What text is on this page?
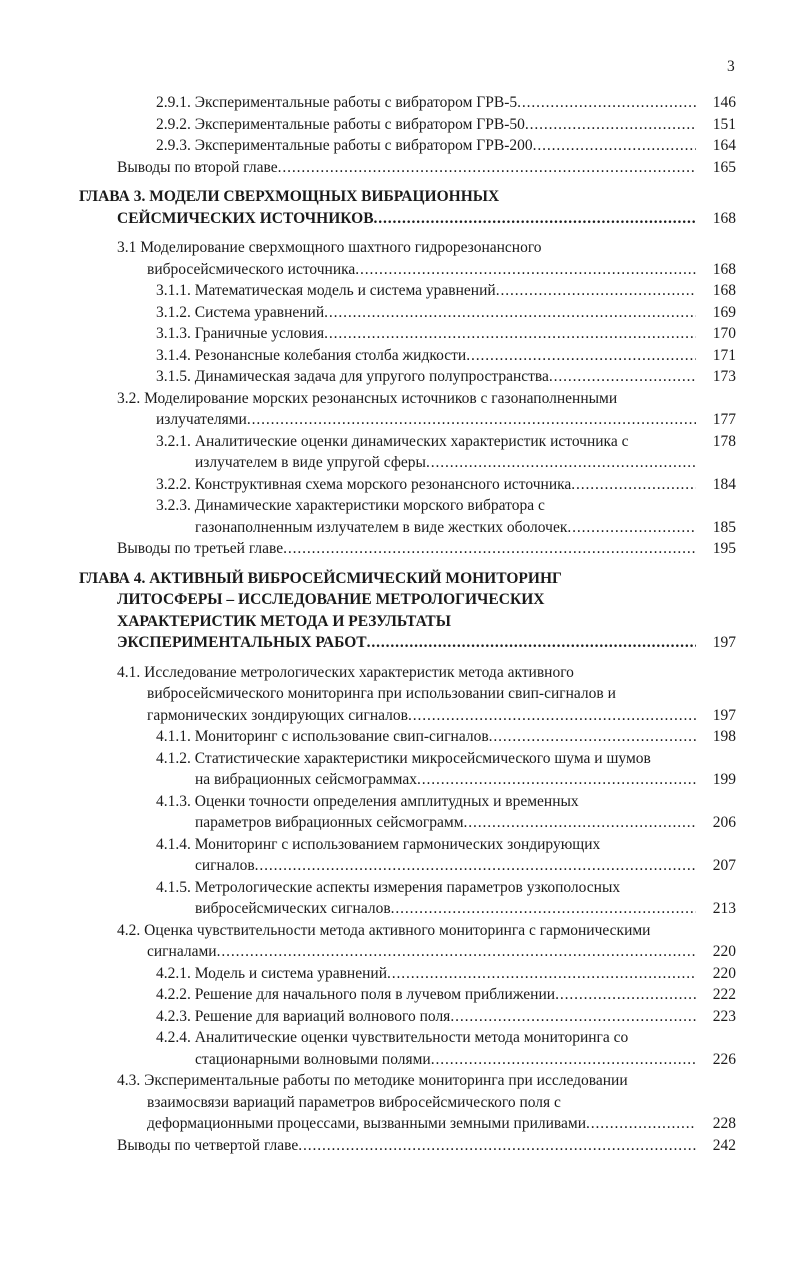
3
2.9.1. Экспериментальные работы с вибратором ГРВ-5 . . .	146
2.9.2. Экспериментальные работы с вибратором ГРВ-50 . . .	151
2.9.3. Экспериментальные работы с вибратором ГРВ-200 . . .	164
Выводы по второй главе . . .	165
ГЛАВА 3. МОДЕЛИ СВЕРХМОЩНЫХ ВИБРАЦИОННЫХ
СЕЙСМИЧЕСКИХ ИСТОЧНИКОВ . . .	168
3.1 Моделирование сверхмощного шахтного гидрорезонансного
вибросейсмического источника . . .	168
3.1.1. Математическая модель и система уравнений . . .	168
3.1.2. Система уравнений . . .	169
3.1.3. Граничные условия . . .	170
3.1.4. Резонансные колебания столба жидкости . . .	171
3.1.5. Динамическая задача для упругого полупространства . . .	173
3.2. Моделирование морских резонансных источников с газонаполненными
излучателями . . .	177
3.2.1. Аналитические оценки динамических характеристик источника с	178
излучателем в виде упругой сферы
. . .
3.2.2. Конструктивная схема морского резонансного источника . . .	184
3.2.3. Динамические характеристики морского вибратора с
газонаполненным излучателем в виде жестких оболочек . . .	185
Выводы по третьей главе . . .	195
ГЛАВА 4. АКТИВНЫЙ ВИБРОСЕЙСМИЧЕСКИЙ МОНИТОРИНГ
ЛИТОСФЕРЫ – ИССЛЕДОВАНИЕ МЕТРОЛОГИЧЕСКИХ
ХАРАКТЕРИСТИК МЕТОДА И РЕЗУЛЬТАТЫ
ЭКСПЕРИМЕНТАЛЬНЫХ РАБОТ . . .	197
4.1. Исследование метрологических характеристик метода активного
вибросейсмического мониторинга при использовании свип-сигналов и
гармонических зондирующих сигналов . . .	197
4.1.1. Мониторинг с использование свип-сигналов . . .	198
4.1.2. Статистические характеристики микросейсмического шума и шумов
на вибрационных сейсмограммах . . .	199
4.1.3. Оценки точности определения амплитудных и временных
параметров вибрационных сейсмограмм . . .	206
4.1.4. Мониторинг с использованием гармонических зондирующих
сигналов . . .	207
4.1.5. Метрологические аспекты измерения параметров узкополосных
вибросейсмических сигналов . . .	213
4.2. Оценка чувствительности метода активного мониторинга с гармоническими
сигналами . . .	220
4.2.1. Модель и система уравнений . . .	220
4.2.2. Решение для начального поля в лучевом приближении . . .	222
4.2.3. Решение для вариаций волнового поля . . .	223
4.2.4. Аналитические оценки чувствительности метода мониторинга со
стационарными волновыми полями . . .	226
4.3. Экспериментальные работы по методике мониторинга при исследовании
взаимосвязи вариаций параметров вибросейсмического поля с
деформационными процессами, вызванными земными приливами . . .	228
Выводы по четвертой главе . . .	242
